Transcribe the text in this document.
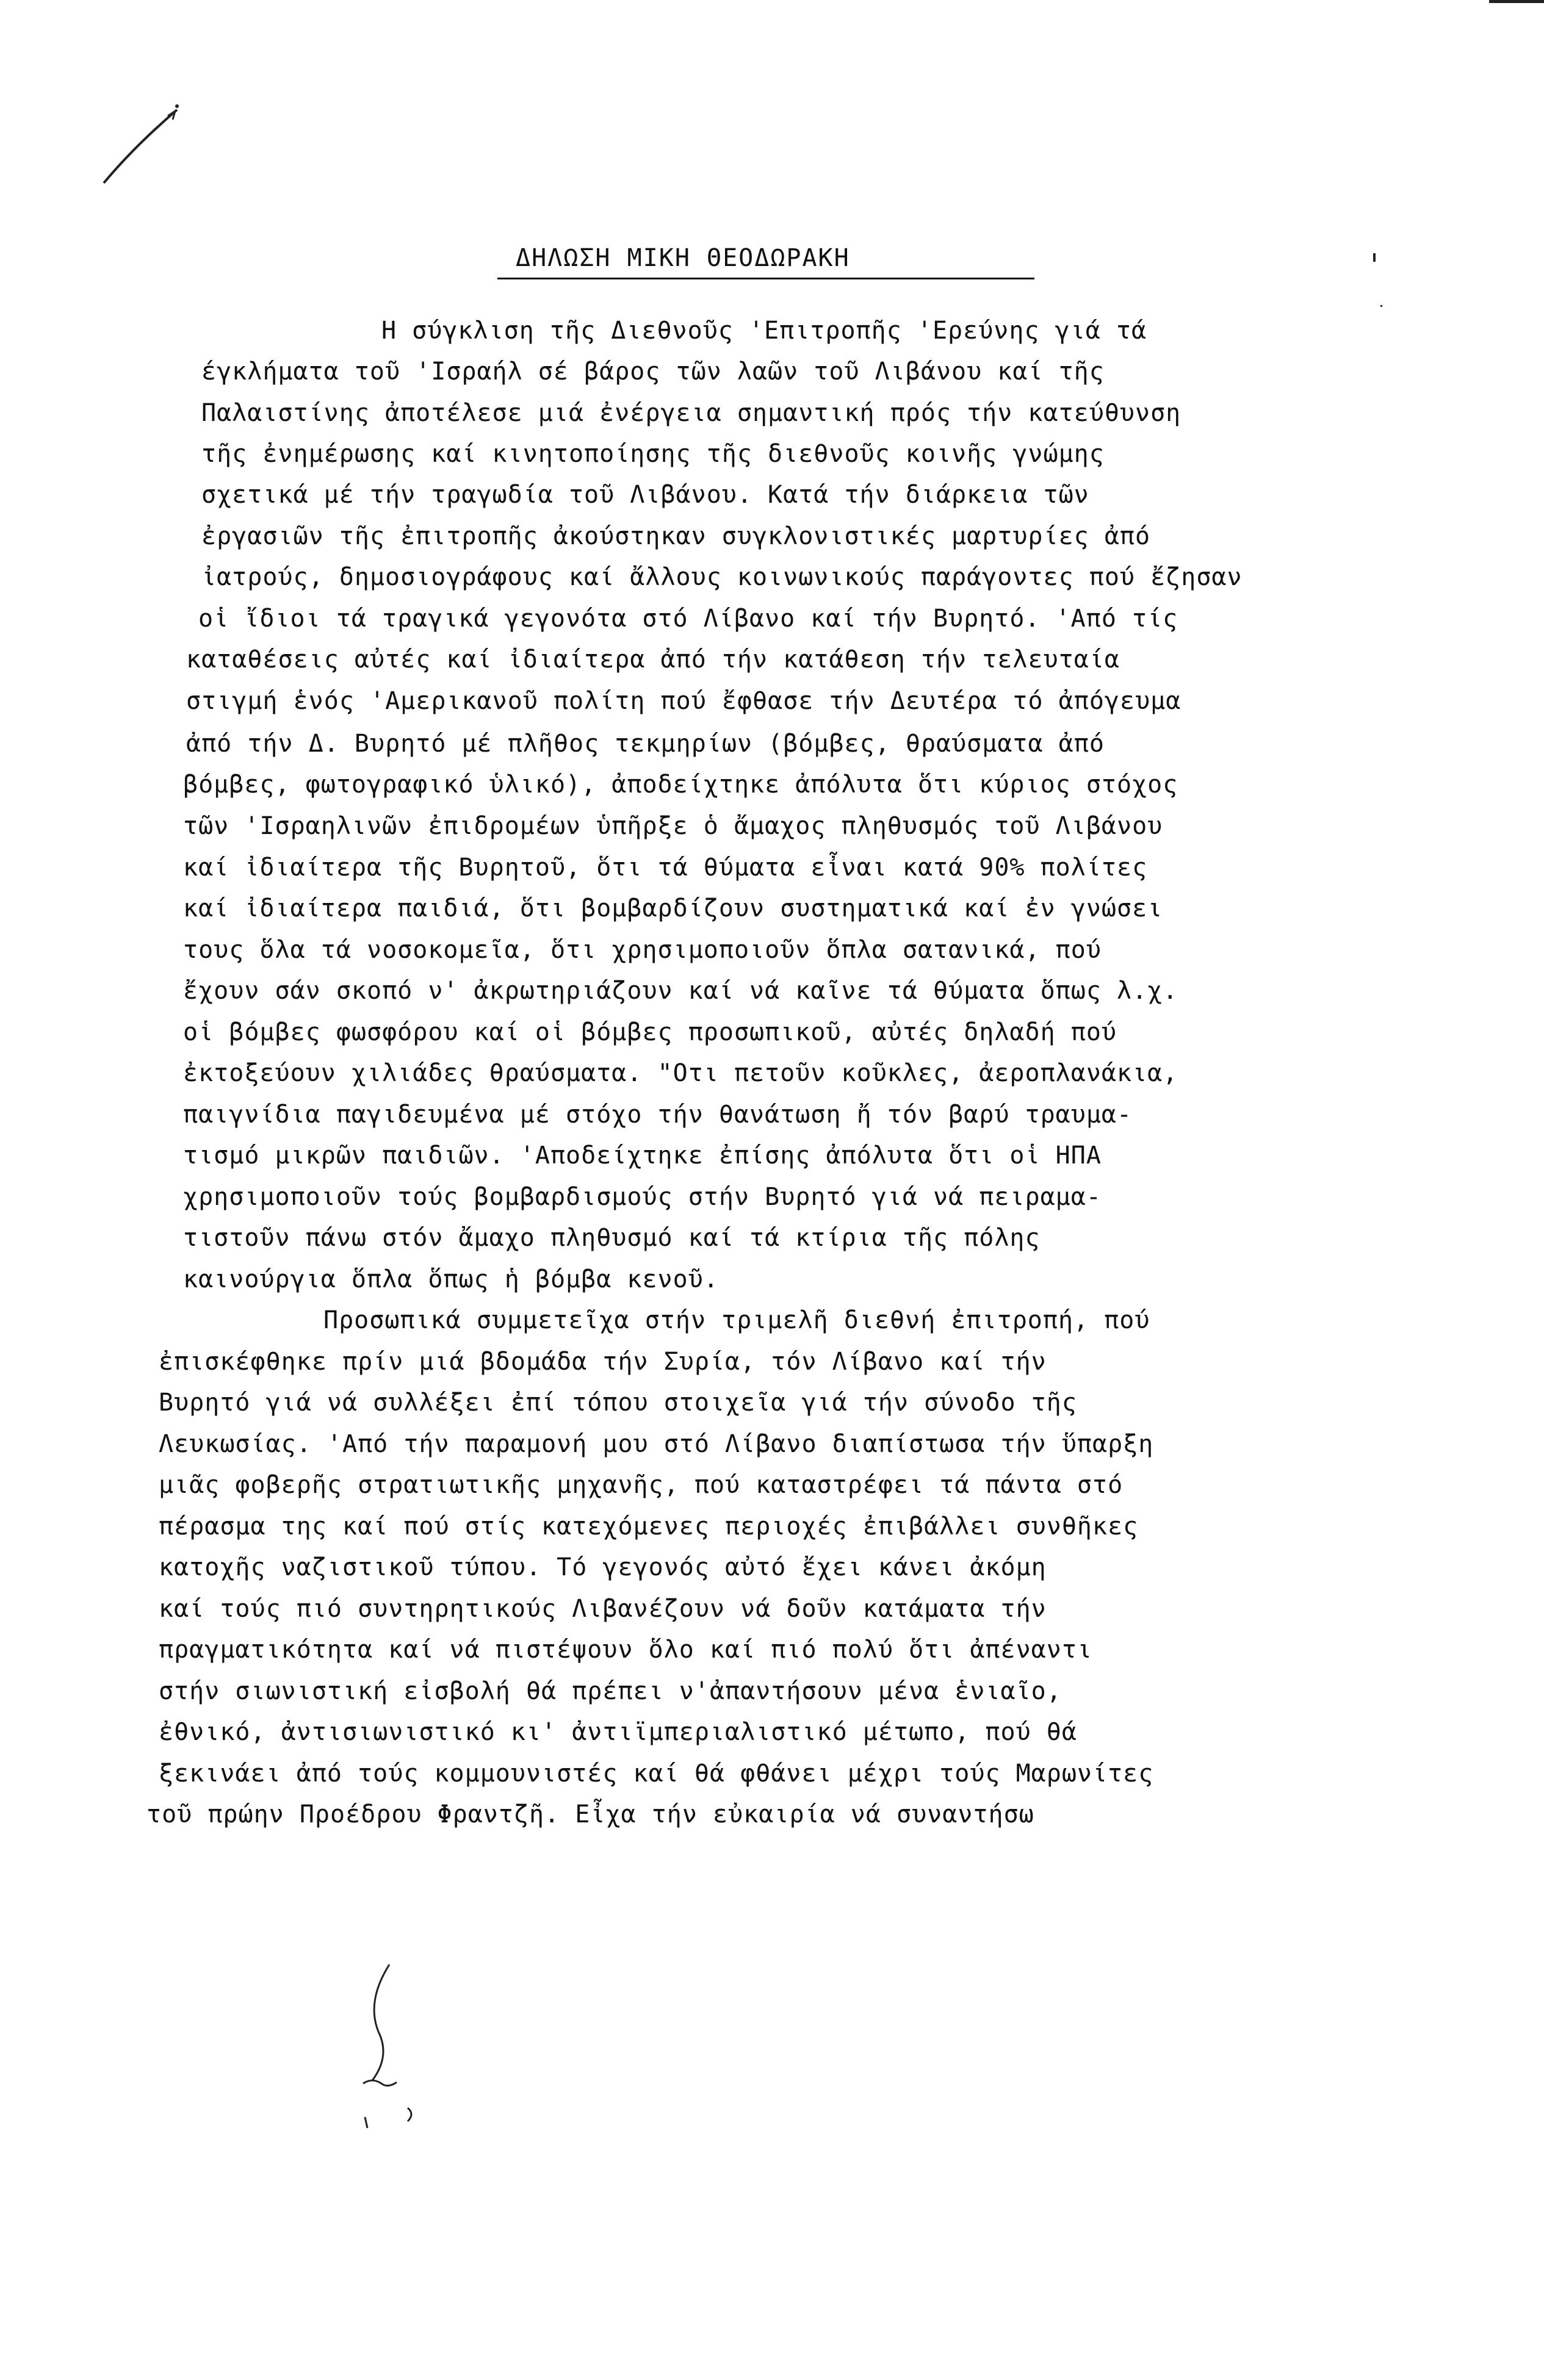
ΔΗΛΩΣΗ ΜΙΚΗ ΘΕΟΔΩΡΑΚΗ
Η σύγκλιση τῆς Διεθνοῦς 'Επιτροπῆς 'Ερεύνης γιά τά
έγκλήματα τοῦ 'Ισραήλ σέ βάρος τῶν λαῶν τοῦ Λιβάνου καί τῆς
Παλαιστίνης ἀποτέλεσε μιά ἐνέργεια σημαντική πρός τήν κατεύθυνση
τῆς ἐνημέρωσης καί κινητοποίησης τῆς διεθνοῦς κοινῆς γνώμης
σχετικά μέ τήν τραγωδία τοῦ Λιβάνου. Κατά τήν διάρκεια τῶν
ἐργασιῶν τῆς ἐπιτροπῆς ἀκούστηκαν συγκλονιστικές μαρτυρίες ἀπό
ἰατρούς, δημοσιογράφους καί ἄλλους κοινωνικούς παράγοντες πού ἔζησαν
οἱ ἴδιοι τά τραγικά γεγονότα στό Λίβανο καί τήν Βυρητό. 'Από τίς
καταθέσεις αὐτές καί ἰδιαίτερα ἀπό τήν κατάθεση τήν τελευταία
στιγμή ἑνός 'Αμερικανοῦ πολίτη πού ἔφθασε τήν Δευτέρα τό ἀπόγευμα
ἀπό τήν Δ. Βυρητό μέ πλῆθος τεκμηρίων (βόμβες, θραύσματα ἀπό
βόμβες, φωτογραφικό ὑλικό), ἀποδείχτηκε ἀπόλυτα ὅτι κύριος στόχος
τῶν 'Ισραηλινῶν ἐπιδρομέων ὑπῆρξε ὁ ἄμαχος πληθυσμός τοῦ Λιβάνου
καί ἰδιαίτερα τῆς Βυρητοῦ, ὅτι τά θύματα εἶναι κατά 90% πολίτες
καί ἰδιαίτερα παιδιά, ὅτι βομβαρδίζουν συστηματικά καί ἐν γνώσει
τους ὅλα τά νοσοκομεῖα, ὅτι χρησιμοποιοῦν ὅπλα σατανικά, πού
ἔχουν σάν σκοπό ν' ἀκρωτηριάζουν καί νά καῖνε τά θύματα ὅπως λ.χ.
οἱ βόμβες φωσφόρου καί οἱ βόμβες προσωπικοῦ, αὐτές δηλαδή πού
ἐκτοξεύουν χιλιάδες θραύσματα. "Οτι πετοῦν κοῦκλες, ἀεροπλανάκια,
παιγνίδια παγιδευμένα μέ στόχο τήν θανάτωση ἤ τόν βαρύ τραυμα-
τισμό μικρῶν παιδιῶν. 'Αποδείχτηκε ἐπίσης ἀπόλυτα ὅτι οἱ ΗΠΑ
χρησιμοποιοῦν τούς βομβαρδισμούς στήν Βυρητό γιά νά πειραμα-
τιστοῦν πάνω στόν ἄμαχο πληθυσμό καί τά κτίρια τῆς πόλης
καινούργια ὅπλα ὅπως ἡ βόμβα κενοῦ.
Προσωπικά συμμετεῖχα στήν τριμελῆ διεθνή ἐπιτροπή, πού
ἐπισκέφθηκε πρίν μιά βδομάδα τήν Συρία, τόν Λίβανο καί τήν
Βυρητό γιά νά συλλέξει ἐπί τόπου στοιχεῖα γιά τήν σύνοδο τῆς
Λευκωσίας. 'Από τήν παραμονή μου στό Λίβανο διαπίστωσα τήν ὕπαρξη
μιᾶς φοβερῆς στρατιωτικῆς μηχανῆς, πού καταστρέφει τά πάντα στό
πέρασμα της καί πού στίς κατεχόμενες περιοχές ἐπιβάλλει συνθῆκες
κατοχῆς ναζιστικοῦ τύπου. Τό γεγονός αὐτό ἔχει κάνει ἀκόμη
καί τούς πιό συντηρητικούς Λιβανέζουν νά δοῦν κατάματα τήν
πραγματικότητα καί νά πιστέψουν ὅλο καί πιό πολύ ὅτι ἀπέναντι
στήν σιωνιστική εἰσβολή θά πρέπει ν'ἀπαντήσουν μένα ἑνιαῖο,
ἐθνικό, ἀντισιωνιστικό κι' ἀντιϊμπεριαλιστικό μέτωπο, πού θά
ξεκινάει ἀπό τούς κομμουνιστές καί θά φθάνει μέχρι τούς Μαρωνίτες
τοῦ πρώην Προέδρου Φραντζῆ. Εἶχα τήν εὐκαιρία νά συναντήσω
